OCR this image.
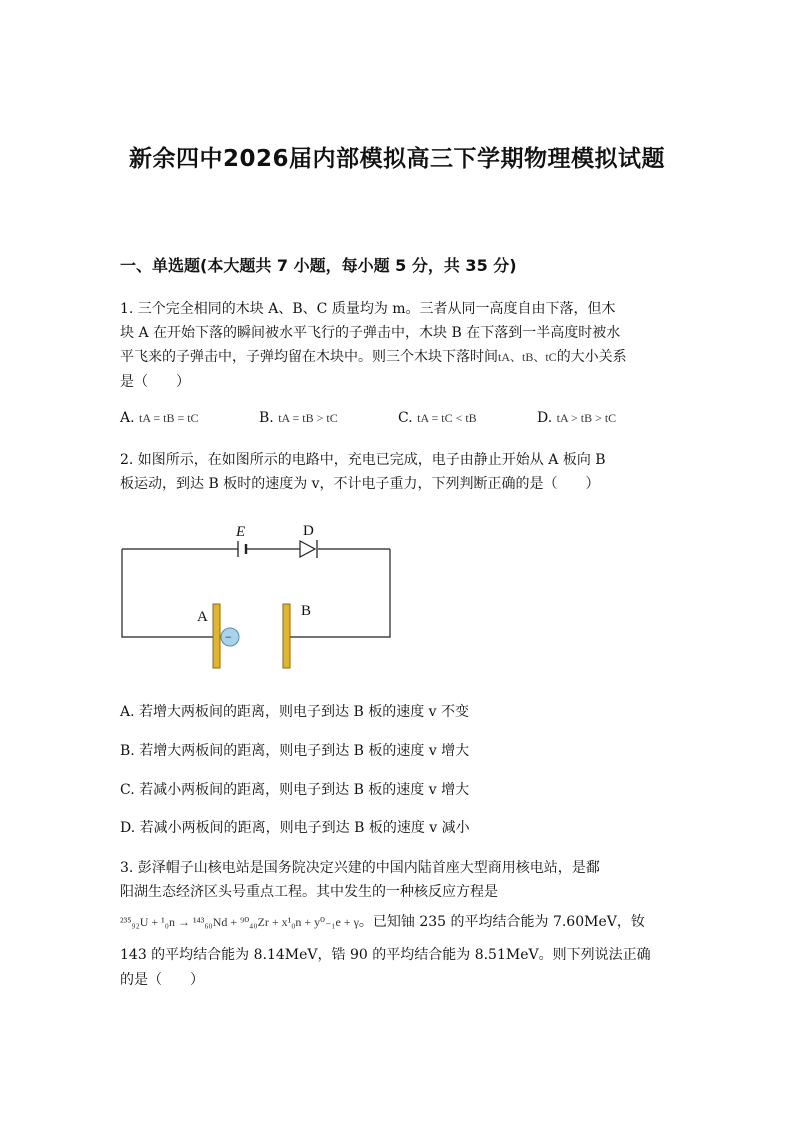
新余四中2026届内部模拟高三下学期物理模拟试题
一、单选题(本大题共 7 小题，每小题 5 分，共 35 分)
1. 三个完全相同的木块 A、B、C 质量均为 m。三者从同一高度自由下落，但木
块 A 在开始下落的瞬间被水平飞行的子弹击中，木块 B 在下落到一半高度时被水
平飞来的子弹击中，子弹均留在木块中。则三个木块下落时间tA、tB、tC的大小关系
是（　　）
A. tA = tB = tC	B. tA = tB > tC	C. tA = tC < tB	D. tA > tB > tC
2. 如图所示，在如图所示的电路中，充电已完成，电子由静止开始从 A 板向 B
板运动，到达 B 板时的速度为 v，不计电子重力，下列判断正确的是（　　）
E	D
A	B
−
A. 若增大两板间的距离，则电子到达 B 板的速度 v 不变
B. 若增大两板间的距离，则电子到达 B 板的速度 v 增大
C. 若减小两板间的距离，则电子到达 B 板的速度 v 增大
D. 若减小两板间的距离，则电子到达 B 板的速度 v 减小
3. 彭泽帽子山核电站是国务院决定兴建的中国内陆首座大型商用核电站，是鄱
阳湖生态经济区头号重点工程。其中发生的一种核反应方程是
²³⁵₉₂U + ¹₀n → ¹⁴³₆₀Nd + ⁹⁰₄₀Zr + x¹₀n + y⁰₋₁e + γ。已知铀 235 的平均结合能为 7.60MeV，钕
143 的平均结合能为 8.14MeV，锆 90 的平均结合能为 8.51MeV。则下列说法正确
的是（　　）
